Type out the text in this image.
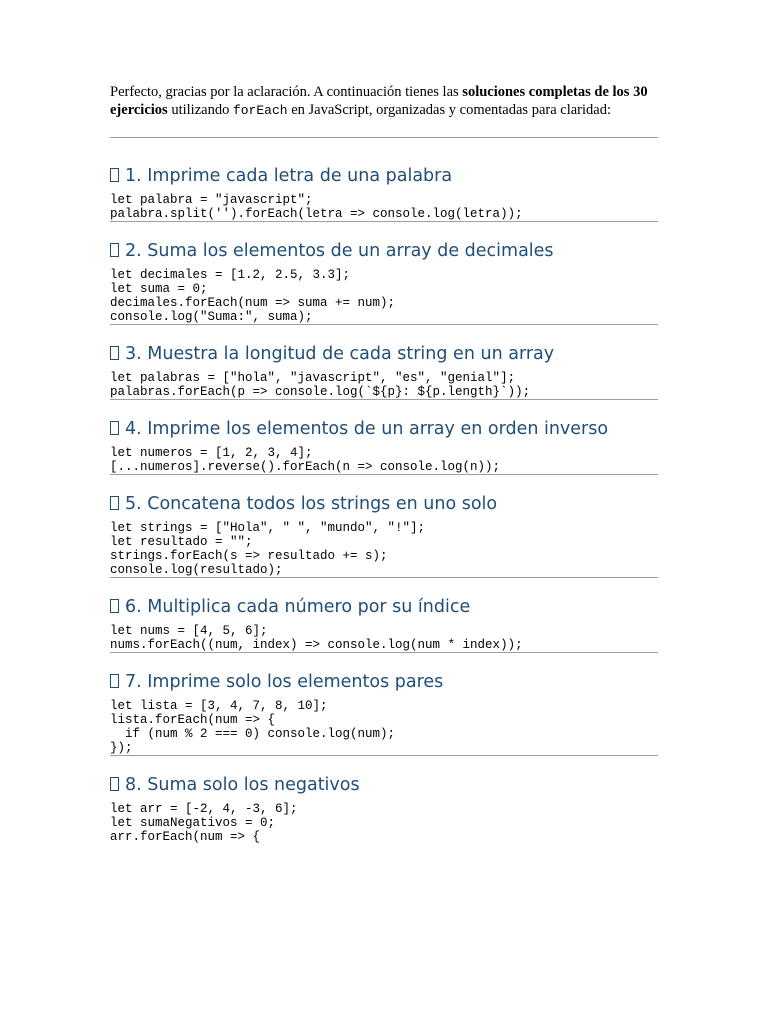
Perfecto, gracias por la aclaración. A continuación tienes las soluciones completas de los 30 ejercicios utilizando forEach en JavaScript, organizadas y comentadas para claridad:

1. Imprime cada letra de una palabra
let palabra = "javascript";
palabra.split('').forEach(letra => console.log(letra));
2. Suma los elementos de un array de decimales
let decimales = [1.2, 2.5, 3.3];
let suma = 0;
decimales.forEach(num => suma += num);
console.log("Suma:", suma);
3. Muestra la longitud de cada string en un array
let palabras = ["hola", "javascript", "es", "genial"];
palabras.forEach(p => console.log(`${p}: ${p.length}`));
4. Imprime los elementos de un array en orden inverso
let numeros = [1, 2, 3, 4];
[...numeros].reverse().forEach(n => console.log(n));
5. Concatena todos los strings en uno solo
let strings = ["Hola", " ", "mundo", "!"];
let resultado = "";
strings.forEach(s => resultado += s);
console.log(resultado);
6. Multiplica cada número por su índice
let nums = [4, 5, 6];
nums.forEach((num, index) => console.log(num * index));
7. Imprime solo los elementos pares
let lista = [3, 4, 7, 8, 10];
lista.forEach(num => {
if (num % 2 === 0) console.log(num);
});
8. Suma solo los negativos
let arr = [-2, 4, -3, 6];
let sumaNegativos = 0;
arr.forEach(num => {
